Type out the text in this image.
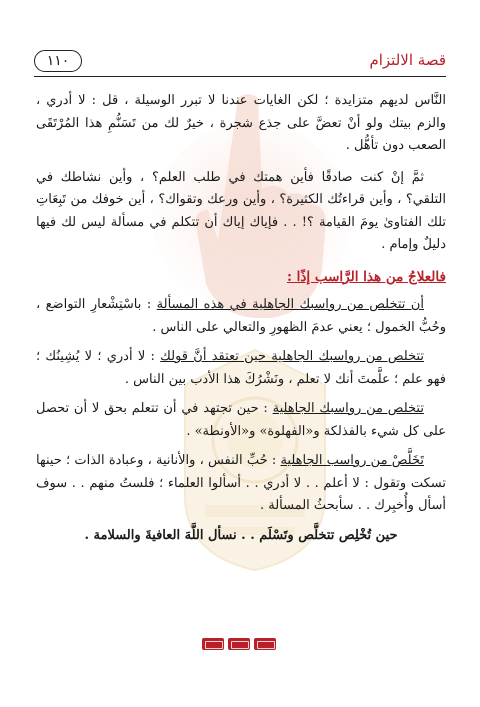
١١٠	قصة الالتزام

النَّاس لديهم متزايدة ؛ لكن الغايات عندنا لا تبرر الوسيلة ، قل : لا أدري ، والزم بيتك ولو أنْ تعضَّ على جذع شجرة ، خيرٌ لك من تَسَنُّمِ هذا المُرْتَقَى الصعب دون تأهُّل .

ثمَّ إنْ كنت صادقًا فأين همتك في طلب العلم؟ ، وأين نشاطك في التلقي؟ ، وأين قراءتُك الكثيرة؟ ، وأين ورعك وتقواك؟ ، أين خوفك من تَبِعَاتِ تلك الفتاوىٰ يومَ القيامة ؟! . . فإياك إياك أن تتكلم في مسألة ليس لك فيها دليلٌ وإمام .

فالعلاجُ من هذا الرَّاسب إذًا :

أن تتخلص من رواسبك الجاهلية في هذه المسألة : باسْتِشْعارِ التواضع ، وحُبُّ الخمول ؛ يعني عدمَ الظهورِ والتعالي على الناس .

تتخلص من رواسبك الجاهلية حين تعتقد أنَّ قولك : لا أدري ؛ لا يُشِينُك ؛ فهو علم ؛ علَّمتَ أنك لا تعلم ، ونَشْرُكَ هذا الأدب بين الناس .

تتخلص من رواسبك الجاهلية : حين تجتهد في أن تتعلم بحق لا أن تحصل على كل شيء بالفذلكة و«الفهلوة» و«الأونطة» .

تَخَلَّصْ من رواسب الجاهلية : حُبِّ النفس ، والأنانية ، وعبادة الذات ؛ حينها تسكت وتقول : لا أعلم . . لا أدري . . أسألوا العلماء ؛ فلستُ منهم . . سوف أسأل وأُخبِرك . . سأبحثُ المسألة .

حين تُخْلِص تتخلَّص وتَسْلَم . . نسأل اللَّهَ العافيةَ والسلامة .
